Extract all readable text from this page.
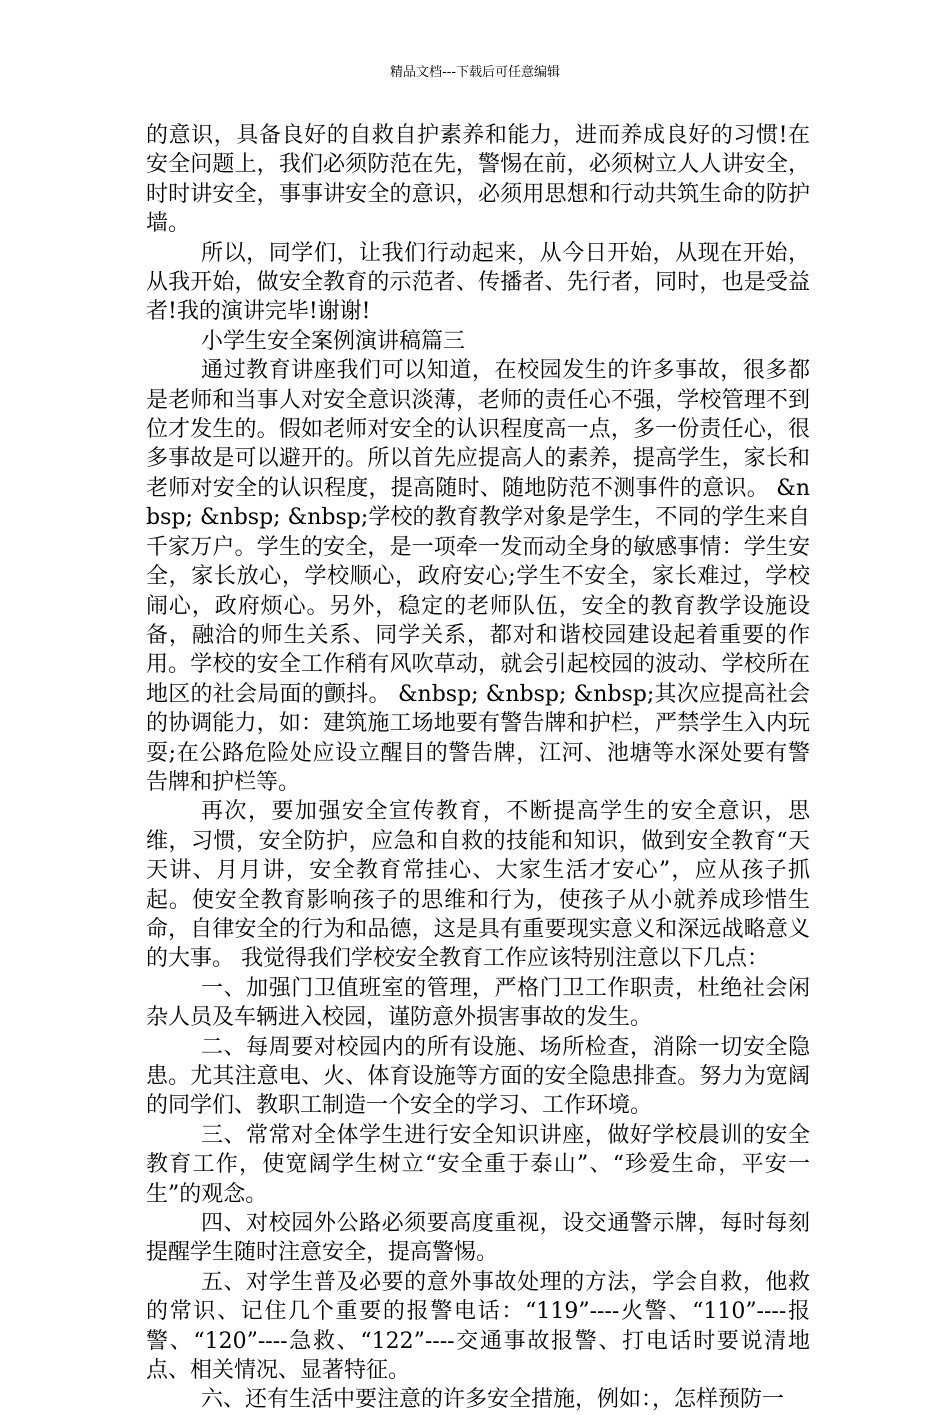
精品文档---下载后可任意编辑

的意识，具备良好的自救自护素养和能力，进而养成良好的习惯!在安全问题上，我们必须防范在先，警惕在前，必须树立人人讲安全，时时讲安全，事事讲安全的意识，必须用思想和行动共筑生命的防护墙。

所以，同学们，让我们行动起来，从今日开始，从现在开始，从我开始，做安全教育的示范者、传播者、先行者，同时，也是受益者!我的演讲完毕!谢谢!

小学生安全案例演讲稿篇三

通过教育讲座我们可以知道，在校园发生的许多事故，很多都是老师和当事人对安全意识淡薄，老师的责任心不强，学校管理不到位才发生的。假如老师对安全的认识程度高一点，多一份责任心，很多事故是可以避开的。所以首先应提高人的素养，提高学生，家长和老师对安全的认识程度，提高随时、随地防范不测事件的意识。 &nbsp; &nbsp; &nbsp;学校的教育教学对象是学生，不同的学生来自千家万户。学生的安全，是一项牵一发而动全身的敏感事情：学生安全，家长放心，学校顺心，政府安心;学生不安全，家长难过，学校闹心，政府烦心。另外，稳定的老师队伍，安全的教育教学设施设备，融洽的师生关系、同学关系，都对和谐校园建设起着重要的作用。学校的安全工作稍有风吹草动，就会引起校园的波动、学校所在地区的社会局面的颤抖。 &nbsp; &nbsp; &nbsp;其次应提高社会的协调能力，如：建筑施工场地要有警告牌和护栏，严禁学生入内玩耍;在公路危险处应设立醒目的警告牌，江河、池塘等水深处要有警告牌和护栏等。

再次，要加强安全宣传教育，不断提高学生的安全意识，思维，习惯，安全防护，应急和自救的技能和知识，做到安全教育“天天讲、月月讲，安全教育常挂心、大家生活才安心”，应从孩子抓起。使安全教育影响孩子的思维和行为，使孩子从小就养成珍惜生命，自律安全的行为和品德，这是具有重要现实意义和深远战略意义的大事。 我觉得我们学校安全教育工作应该特别注意以下几点：

一、加强门卫值班室的管理，严格门卫工作职责，杜绝社会闲杂人员及车辆进入校园，谨防意外损害事故的发生。

二、每周要对校园内的所有设施、场所检查，消除一切安全隐患。尤其注意电、火、体育设施等方面的安全隐患排查。努力为宽阔的同学们、教职工制造一个安全的学习、工作环境。

三、常常对全体学生进行安全知识讲座，做好学校晨训的安全教育工作，使宽阔学生树立“安全重于泰山”、“珍爱生命，平安一生”的观念。

四、对校园外公路必须要高度重视，设交通警示牌，每时每刻提醒学生随时注意安全，提高警惕。

五、对学生普及必要的意外事故处理的方法，学会自救，他救的常识、记住几个重要的报警电话：“119”----火警、“110”----报警、“120”----急救、“122”----交通事故报警、打电话时要说清地点、相关情况、显著特征。

六、还有生活中要注意的许多安全措施，例如：，怎样预防一
